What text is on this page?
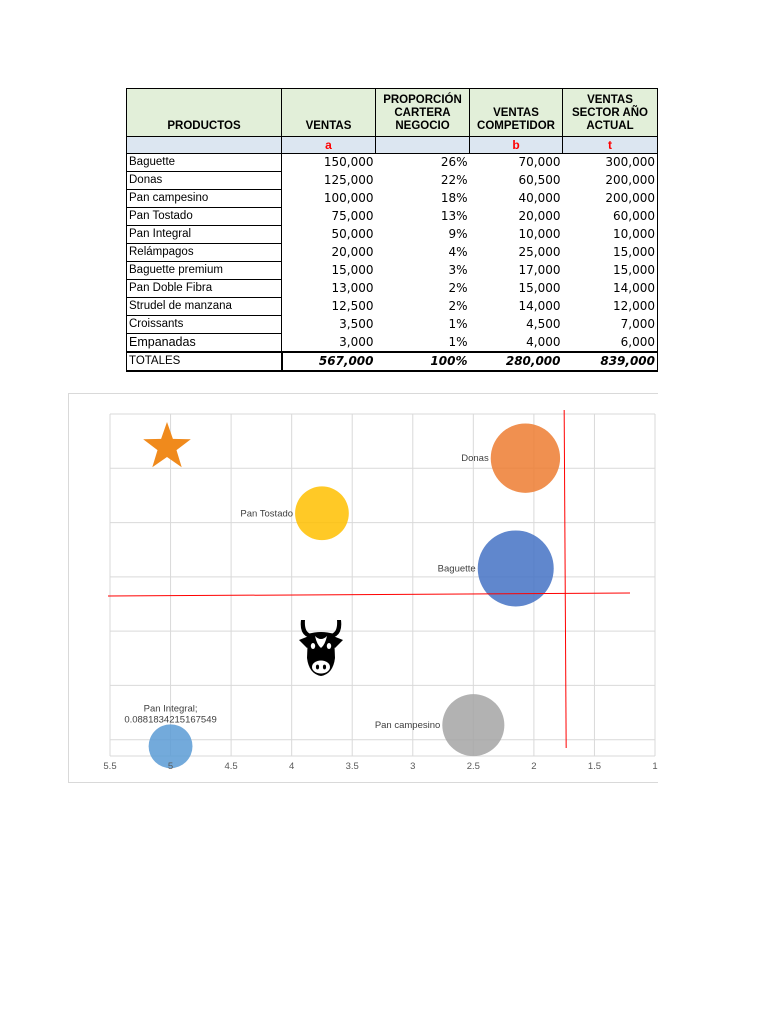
PRODUCTOS	VENTAS	PROPORCIÓN CARTERA NEGOCIO	VENTAS COMPETIDOR	VENTAS SECTOR AÑO ACTUAL
	a		b	t
Baguette	150,000	26%	70,000	300,000
Donas	125,000	22%	60,500	200,000
Pan campesino	100,000	18%	40,000	200,000
Pan Tostado	75,000	13%	20,000	60,000
Pan Integral	50,000	9%	10,000	10,000
Relámpagos	20,000	4%	25,000	15,000
Baguette premium	15,000	3%	17,000	15,000
Pan Doble Fibra	13,000	2%	15,000	14,000
Strudel de manzana	12,500	2%	14,000	12,000
Croissants	3,500	1%	4,500	7,000
Empanadas	3,000	1%	4,000	6,000
TOTALES	567,000	100%	280,000	839,000
Baguette
Donas
Pan campesino
Pan Tostado
Pan Integral;
0.0881834215167549
5.5	5	4.5	4	3.5	3	2.5	2	1.5	1
